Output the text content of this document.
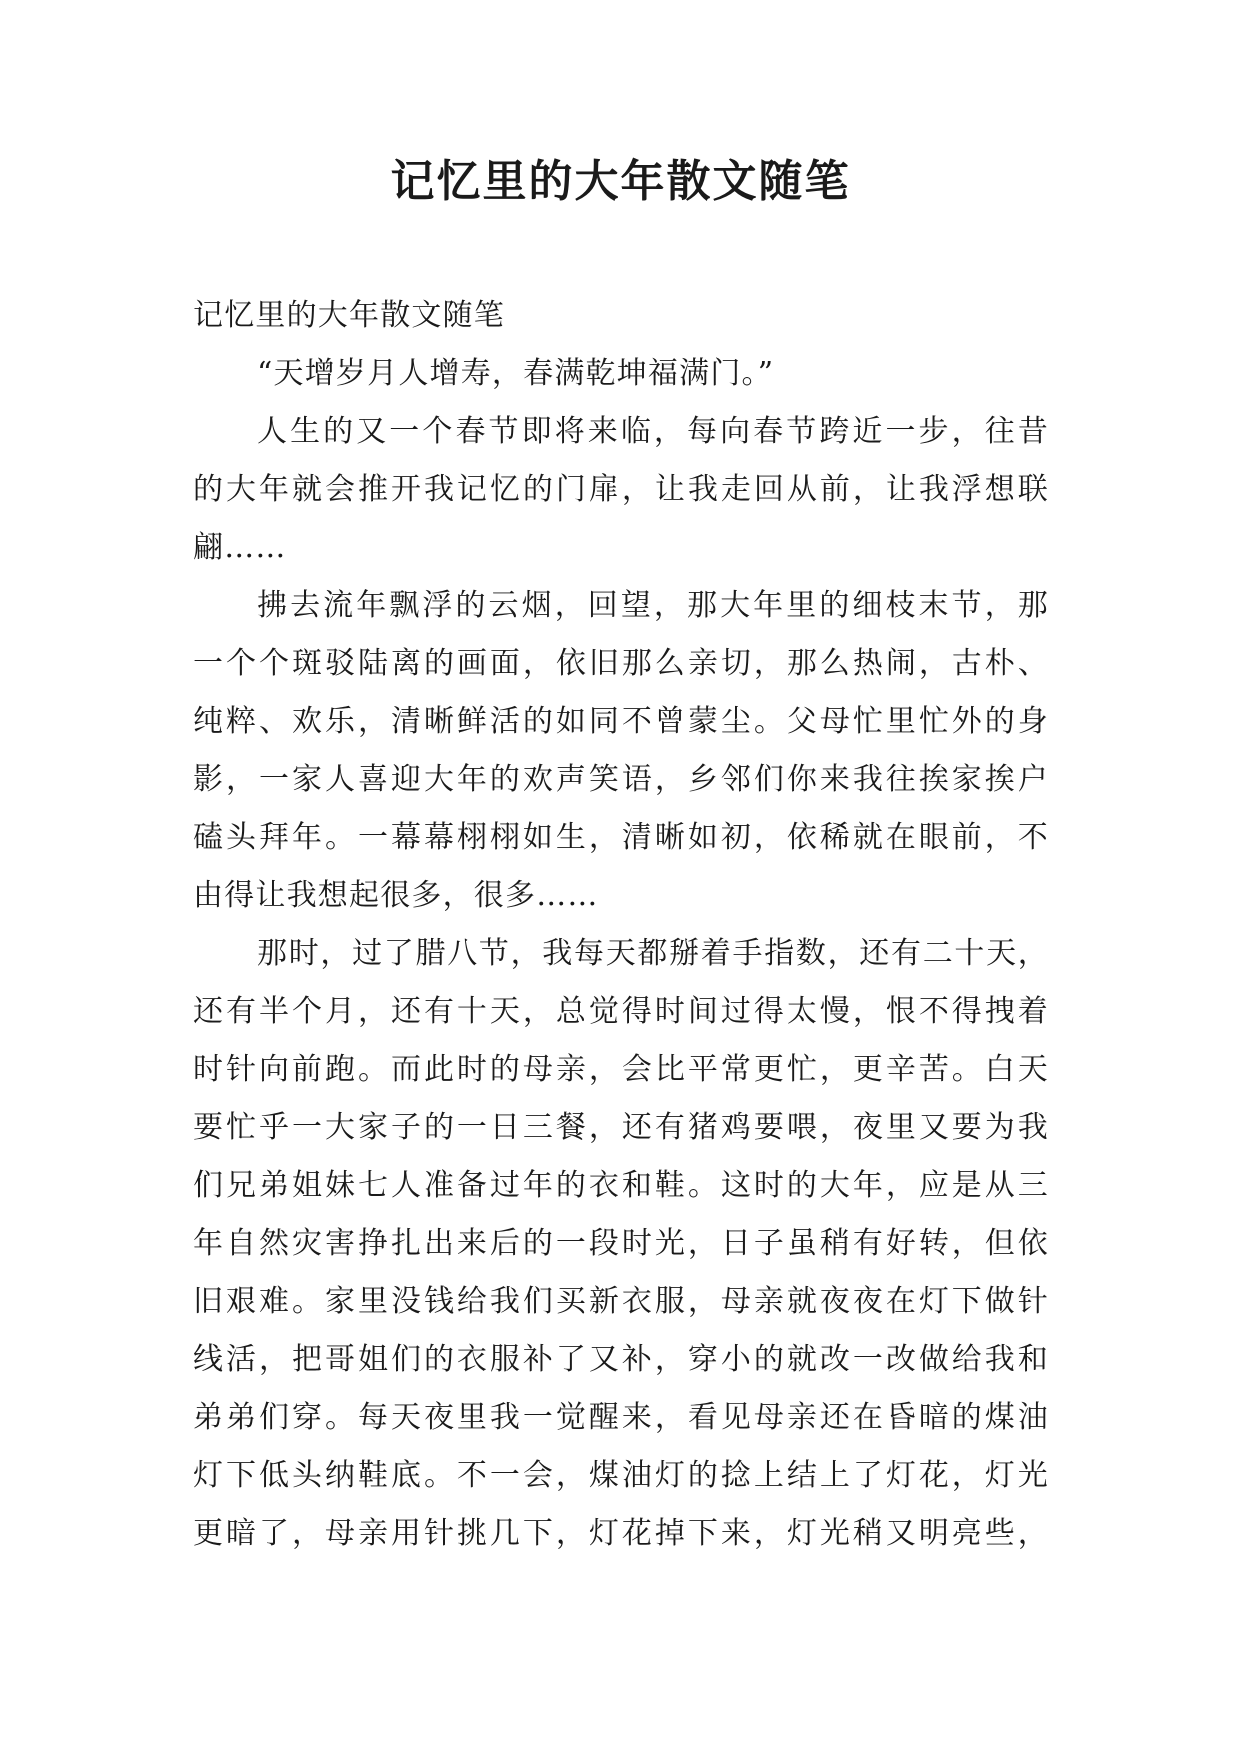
记忆里的大年散文随笔
记忆里的大年散文随笔
“天增岁月人增寿，春满乾坤福满门。”
人生的又一个春节即将来临，每向春节跨近一步，往昔
的大年就会推开我记忆的门扉，让我走回从前，让我浮想联
翩……
拂去流年飘浮的云烟，回望，那大年里的细枝末节，那
一个个斑驳陆离的画面，依旧那么亲切，那么热闹，古朴、
纯粹、欢乐，清晰鲜活的如同不曾蒙尘。父母忙里忙外的身
影，一家人喜迎大年的欢声笑语，乡邻们你来我往挨家挨户
磕头拜年。一幕幕栩栩如生，清晰如初，依稀就在眼前，不
由得让我想起很多，很多……
那时，过了腊八节，我每天都掰着手指数，还有二十天，
还有半个月，还有十天，总觉得时间过得太慢，恨不得拽着
时针向前跑。而此时的母亲，会比平常更忙，更辛苦。白天
要忙乎一大家子的一日三餐，还有猪鸡要喂，夜里又要为我
们兄弟姐妹七人准备过年的衣和鞋。这时的大年，应是从三
年自然灾害挣扎出来后的一段时光，日子虽稍有好转，但依
旧艰难。家里没钱给我们买新衣服，母亲就夜夜在灯下做针
线活，把哥姐们的衣服补了又补，穿小的就改一改做给我和
弟弟们穿。每天夜里我一觉醒来，看见母亲还在昏暗的煤油
灯下低头纳鞋底。不一会，煤油灯的捻上结上了灯花，灯光
更暗了，母亲用针挑几下，灯花掉下来，灯光稍又明亮些，
